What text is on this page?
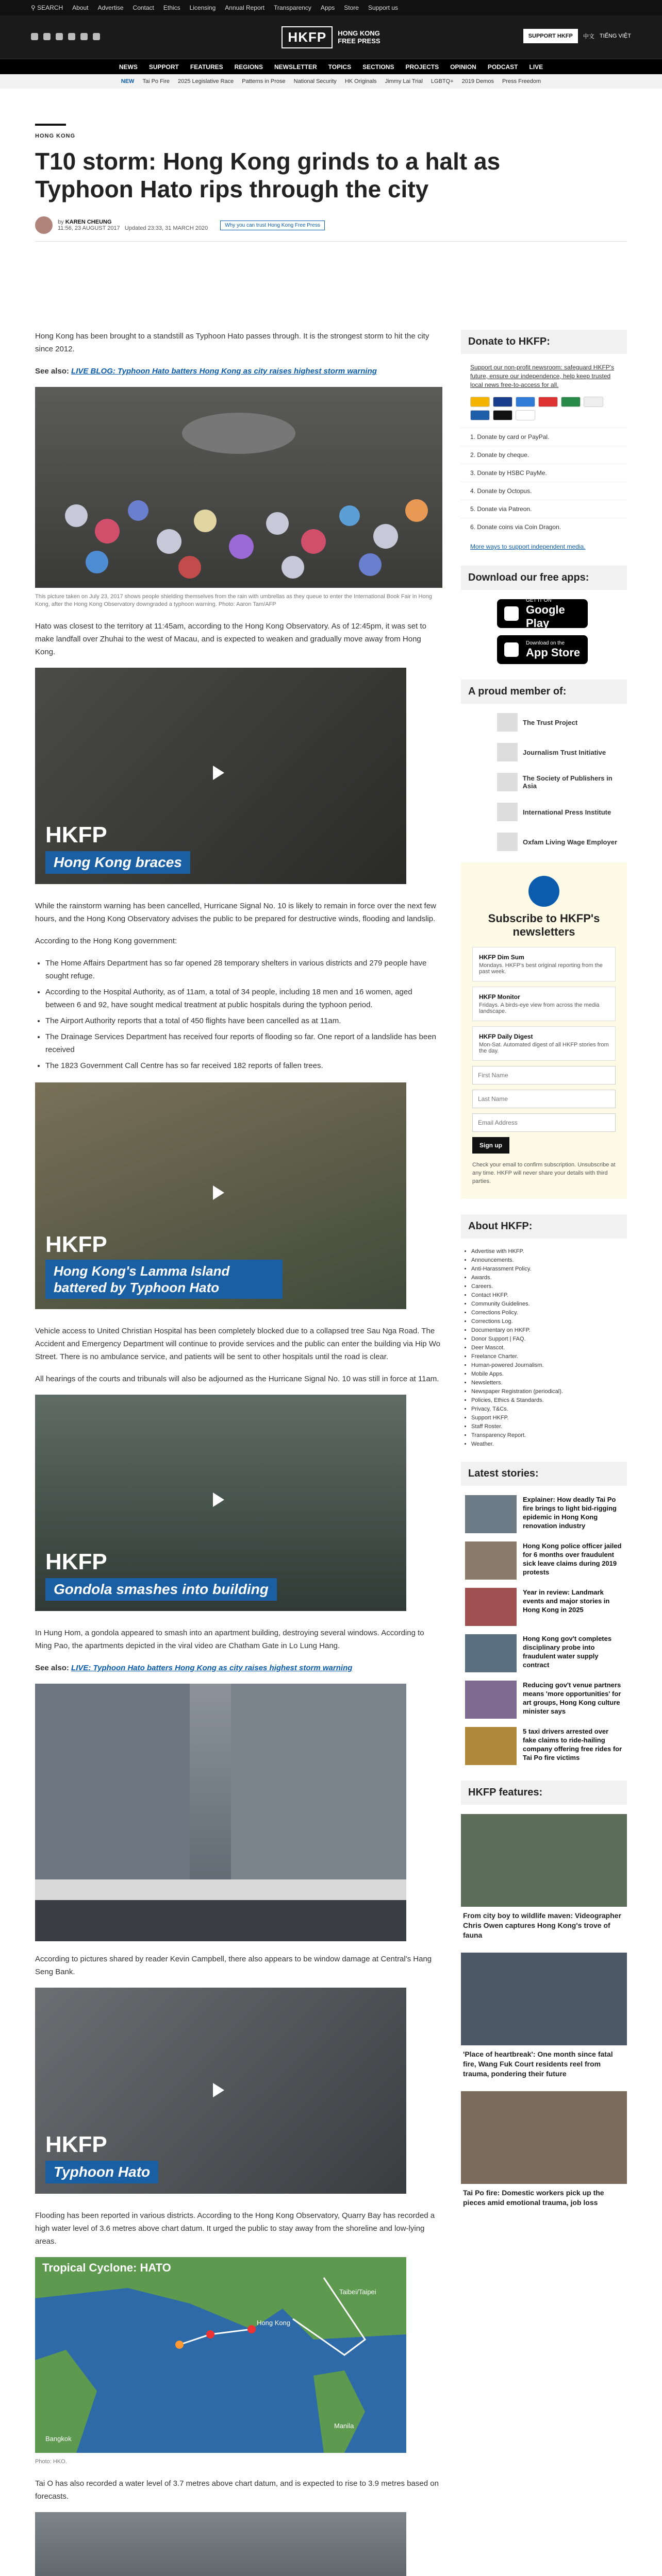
⚲ SEARCH About Advertise Contact Ethics Licensing Annual Report Transparency Apps Store Support us
HKFP	HONG KONG
FREE PRESS
SUPPORT HKFP	中文 TIẾNG VIỆT
NEWS SUPPORT FEATURES REGIONS NEWSLETTER TOPICS SECTIONS PROJECTS OPINION PODCAST LIVE
NEW Tai Po Fire 2025 Legislative Race Patterns in Prose National Security HK Originals Jimmy Lai Trial LGBTQ+ 2019 Demos Press Freedom
HONG KONG
T10 storm: Hong Kong grinds to a halt as Typhoon Hato rips through the city
by KAREN CHEUNG
11:56, 23 AUGUST 2017 Updated 23:33, 31 MARCH 2020	Why you can trust Hong Kong Free Press

Hong Kong has been brought to a standstill as Typhoon Hato passes through. It is the strongest storm to hit the city since 2012.

See also: LIVE BLOG: Typhoon Hato batters Hong Kong as city raises highest storm warning

This picture taken on July 23, 2017 shows people shielding themselves from the rain with umbrellas as they queue to enter the International Book Fair in Hong Kong, after the Hong Kong Observatory downgraded a typhoon warning. Photo: Aaron Tam/AFP

Hato was closest to the territory at 11:45am, according to the Hong Kong Observatory. As of 12:45pm, it was set to make landfall over Zhuhai to the west of Macau, and is expected to weaken and gradually move away from Hong Kong.

HKFP
Hong Kong braces

While the rainstorm warning has been cancelled, Hurricane Signal No. 10 is likely to remain in force over the next few hours, and the Hong Kong Observatory advises the public to be prepared for destructive winds, flooding and landslip.

According to the Hong Kong government:

• The Home Affairs Department has so far opened 28 temporary shelters in various districts and 279 people have sought refuge.
• According to the Hospital Authority, as of 11am, a total of 34 people, including 18 men and 16 women, aged between 6 and 92, have sought medical treatment at public hospitals during the typhoon period.
• The Airport Authority reports that a total of 450 flights have been cancelled as at 11am.
• The Drainage Services Department has received four reports of flooding so far. One report of a landslide has been received
• The 1823 Government Call Centre has so far received 182 reports of fallen trees.
HKFP
Hong Kong's Lamma Island battered by Typhoon Hato

Vehicle access to United Christian Hospital has been completely blocked due to a collapsed tree Sau Nga Road. The Accident and Emergency Department will continue to provide services and the public can enter the building via Hip Wo Street. There is no ambulance service, and patients will be sent to other hospitals until the road is clear.

All hearings of the courts and tribunals will also be adjourned as the Hurricane Signal No. 10 was still in force at 11am.

HKFP
Gondola smashes into building

In Hung Hom, a gondola appeared to smash into an apartment building, destroying several windows. According to Ming Pao, the apartments depicted in the viral video are Chatham Gate in Lo Lung Hang.

See also: LIVE: Typhoon Hato batters Hong Kong as city raises highest storm warning

According to pictures shared by reader Kevin Campbell, there also appears to be window damage at Central's Hang Seng Bank.

HKFP
Typhoon Hato

Flooding has been reported in various districts. According to the Hong Kong Observatory, Quarry Bay has recorded a high water level of 3.6 metres above chart datum. It urged the public to stay away from the shoreline and low-lying areas.

Tropical Cyclone: HATO
Taibei/Taipei
Hong Kong
Manila
Bangkok
Photo: HKO.

Tai O has also recorded a water level of 3.7 metres above chart datum, and is expected to rise to 3.9 metres based on forecasts.

Donate to HKFP:
Support our non-profit newsroom: safeguard HKFP's future, ensure our independence, help keep trusted local news free-to-access for all.
1. Donate by card or PayPal.
2. Donate by cheque.
3. Donate by HSBC PayMe.
4. Donate by Octopus.
5. Donate via Patreon.
6. Donate coins via Coin Dragon.
More ways to support independent media.
Download our free apps:
GET IT ON
Google Play
Download on the
App Store
A proud member of:
The Trust Project
Journalism Trust Initiative
The Society of Publishers in Asia
International Press Institute
Oxfam Living Wage Employer
Subscribe to HKFP's newsletters
HKFP Dim Sum
Mondays. HKFP's best original reporting from the past week.
HKFP Monitor
Fridays. A birds-eye view from across the media landscape.
HKFP Daily Digest
Mon-Sat. Automated digest of all HKFP stories from the day.
First Name Last Name Email Address Sign up
Check your email to confirm subscription. Unsubscribe at any time. HKFP will never share your details with third parties.
About HKFP:
• Advertise with HKFP.
• Announcements.
• Anti-Harassment Policy.
• Awards.
• Careers.
• Contact HKFP.
• Community Guidelines.
• Corrections Policy.
• Corrections Log.
• Documentary on HKFP.
• Donor Support | FAQ.
• Deer Mascot.
• Freelance Charter.
• Human-powered Journalism.
• Mobile Apps.
• Newsletters.
• Newspaper Registration (periodical).
• Policies, Ethics & Standards.
• Privacy, T&Cs.
• Support HKFP.
• Staff Roster.
• Transparency Report.
• Weather.
Latest stories:
Explainer: How deadly Tai Po fire brings to light bid-rigging epidemic in Hong Kong renovation industry
Hong Kong police officer jailed for 6 months over fraudulent sick leave claims during 2019 protests
Year in review: Landmark events and major stories in Hong Kong in 2025
Hong Kong gov't completes disciplinary probe into fraudulent water supply contract
Reducing gov't venue partners means 'more opportunities' for art groups, Hong Kong culture minister says
5 taxi drivers arrested over fake claims to ride-hailing company offering free rides for Tai Po fire victims
HKFP features:
From city boy to wildlife maven: Videographer Chris Owen captures Hong Kong's trove of fauna
'Place of heartbreak': One month since fatal fire, Wang Fuk Court residents reel from trauma, pondering their future
Tai Po fire: Domestic workers pick up the pieces amid emotional trauma, job loss
